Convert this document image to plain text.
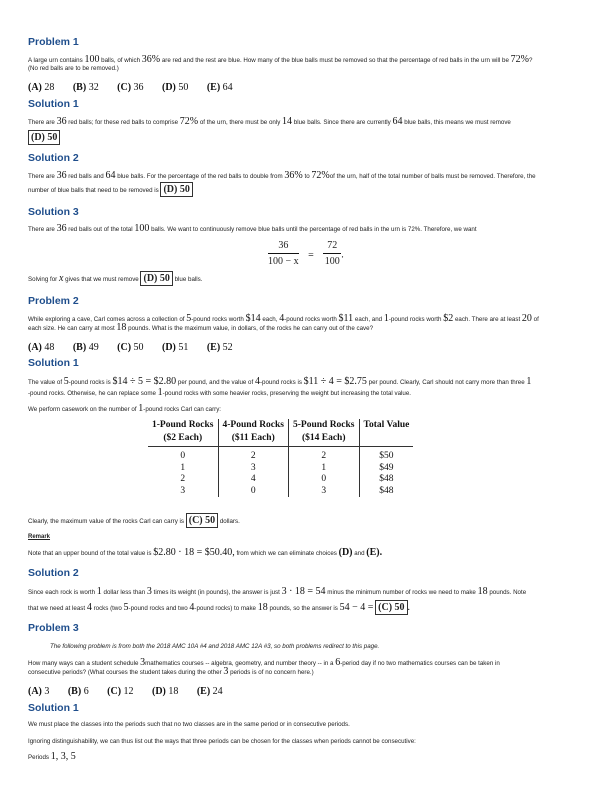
Problem 1
A large urn contains 100 balls, of which 36% are red and the rest are blue. How many of the blue balls must be removed so that the percentage of red balls in the urn will be 72%?
(No red balls are to be removed.)
(A) 28 (B) 32 (C) 36 (D) 50 (E) 64
Solution 1
There are 36 red balls; for these red balls to comprise 72% of the urn, there must be only 14 blue balls. Since there are currently 64 blue balls, this means we must remove
(D) 50
Solution 2
There are 36 red balls and 64 blue balls. For the percentage of the red balls to double from 36% to 72%of the urn, half of the total number of balls must be removed. Therefore, the
number of blue balls that need to be removed is (D) 50
Solution 3
There are 36 red balls out of the total 100 balls. We want to continuously remove blue balls until the percentage of red balls in the urn is 72%. Therefore, we want
$\frac{36}{100 - x} = \frac{72}{100}$ .
Solving for x gives that we must remove (D) 50 blue balls.
Problem 2
While exploring a cave, Carl comes across a collection of 5-pound rocks worth $14 each, 4-pound rocks worth $11 each, and 1-pound rocks worth $2 each. There are at least 20 of
each size. He can carry at most 18 pounds. What is the maximum value, in dollars, of the rocks he can carry out of the cave?
(A) 48 (B) 49 (C) 50 (D) 51 (E) 52
Solution 1
The value of 5-pound rocks is $14 ÷ 5 = $2.80 per pound, and the value of 4-pound rocks is $11 ÷ 4 = $2.75 per pound. Clearly, Carl should not carry more than three 1
-pound rocks. Otherwise, he can replace some 1-pound rocks with some heavier rocks, preserving the weight but increasing the total value.
We perform casework on the number of 1-pound rocks Carl can carry:
1-Pound Rocks	4-Pound Rocks	5-Pound Rocks	Total Value
($2 Each)	($11 Each)	($14 Each)	
0	2	2	$50
1	3	1	$49
2	4	0	$48
3	0	3	$48
Clearly, the maximum value of the rocks Carl can carry is (C) 50 dollars.
Remark
Note that an upper bound of the total value is $2.80 · 18 = $50.40, from which we can eliminate choices (D) and (E).
Solution 2
Since each rock is worth 1 dollar less than 3 times its weight (in pounds), the answer is just 3 · 18 = 54 minus the minimum number of rocks we need to make 18 pounds. Note
that we need at least 4 rocks (two 5-pound rocks and two 4-pound rocks) to make 18 pounds, so the answer is 54 − 4 = (C) 50 .
Problem 3
The following problem is from both the 2018 AMC 10A #4 and 2018 AMC 12A #3, so both problems redirect to this page.
How many ways can a student schedule 3mathematics courses -- algebra, geometry, and number theory -- in a 6-period day if no two mathematics courses can be taken in
consecutive periods? (What courses the student takes during the other 3 periods is of no concern here.)
(A) 3 (B) 6 (C) 12 (D) 18 (E) 24
Solution 1
We must place the classes into the periods such that no two classes are in the same period or in consecutive periods.
Ignoring distinguishability, we can thus list out the ways that three periods can be chosen for the classes when periods cannot be consecutive:
Periods 1, 3, 5
